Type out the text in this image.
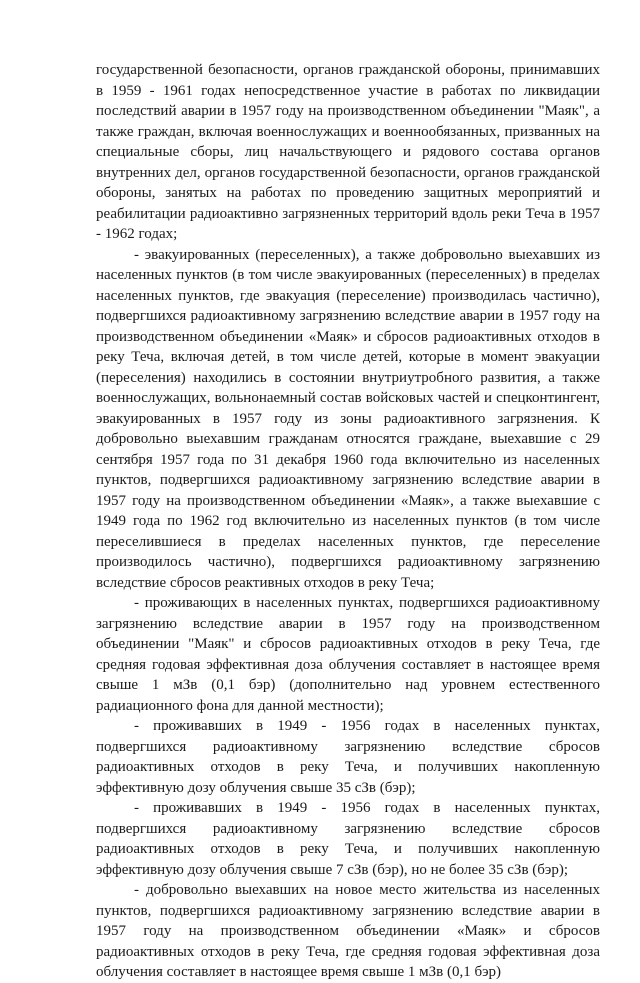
государственной безопасности, органов гражданской обороны, принимавших в 1959 - 1961 годах непосредственное участие в работах по ликвидации последствий аварии в 1957 году на производственном объединении "Маяк", а также граждан, включая военнослужащих и военнообязанных, призванных на специальные сборы, лиц начальствующего и рядового состава органов внутренних дел, органов государственной безопасности, органов гражданской обороны, занятых на работах по проведению защитных мероприятий и реабилитации радиоактивно загрязненных территорий вдоль реки Теча в 1957 - 1962 годах;

- эвакуированных (переселенных), а также добровольно выехавших из населенных пунктов (в том числе эвакуированных (переселенных) в пределах населенных пунктов, где эвакуация (переселение) производилась частично), подвергшихся радиоактивному загрязнению вследствие аварии в 1957 году на производственном объединении «Маяк» и сбросов радиоактивных отходов в реку Теча, включая детей, в том числе детей, которые в момент эвакуации (переселения) находились в состоянии внутриутробного развития, а также военнослужащих, вольнонаемный состав войсковых частей и спецконтингент, эвакуированных в 1957 году из зоны радиоактивного загрязнения. К добровольно выехавшим гражданам относятся граждане, выехавшие с 29 сентября 1957 года по 31 декабря 1960 года включительно из населенных пунктов, подвергшихся радиоактивному загрязнению вследствие аварии в 1957 году на производственном объединении «Маяк», а также выехавшие с 1949 года по 1962 год включительно из населенных пунктов (в том числе переселившиеся в пределах населенных пунктов, где переселение производилось частично), подвергшихся радиоактивному загрязнению вследствие сбросов реактивных отходов в реку Теча;

- проживающих в населенных пунктах, подвергшихся радиоактивному загрязнению вследствие аварии в 1957 году на производственном объединении "Маяк" и сбросов радиоактивных отходов в реку Теча, где средняя годовая эффективная доза облучения составляет в настоящее время свыше 1 мЗв (0,1 бэр) (дополнительно над уровнем естественного радиационного фона для данной местности);

- проживавших в 1949 - 1956 годах в населенных пунктах, подвергшихся радиоактивному загрязнению вследствие сбросов радиоактивных отходов в реку Теча, и получивших накопленную эффективную дозу облучения свыше 35 сЗв (бэр);

- проживавших в 1949 - 1956 годах в населенных пунктах, подвергшихся радиоактивному загрязнению вследствие сбросов радиоактивных отходов в реку Теча, и получивших накопленную эффективную дозу облучения свыше 7 сЗв (бэр), но не более 35 сЗв (бэр);

- добровольно выехавших на новое место жительства из населенных пунктов, подвергшихся радиоактивному загрязнению вследствие аварии в 1957 году на производственном объединении «Маяк» и сбросов радиоактивных отходов в реку Теча, где средняя годовая эффективная доза облучения составляет в настоящее время свыше 1 мЗв (0,1 бэр)
